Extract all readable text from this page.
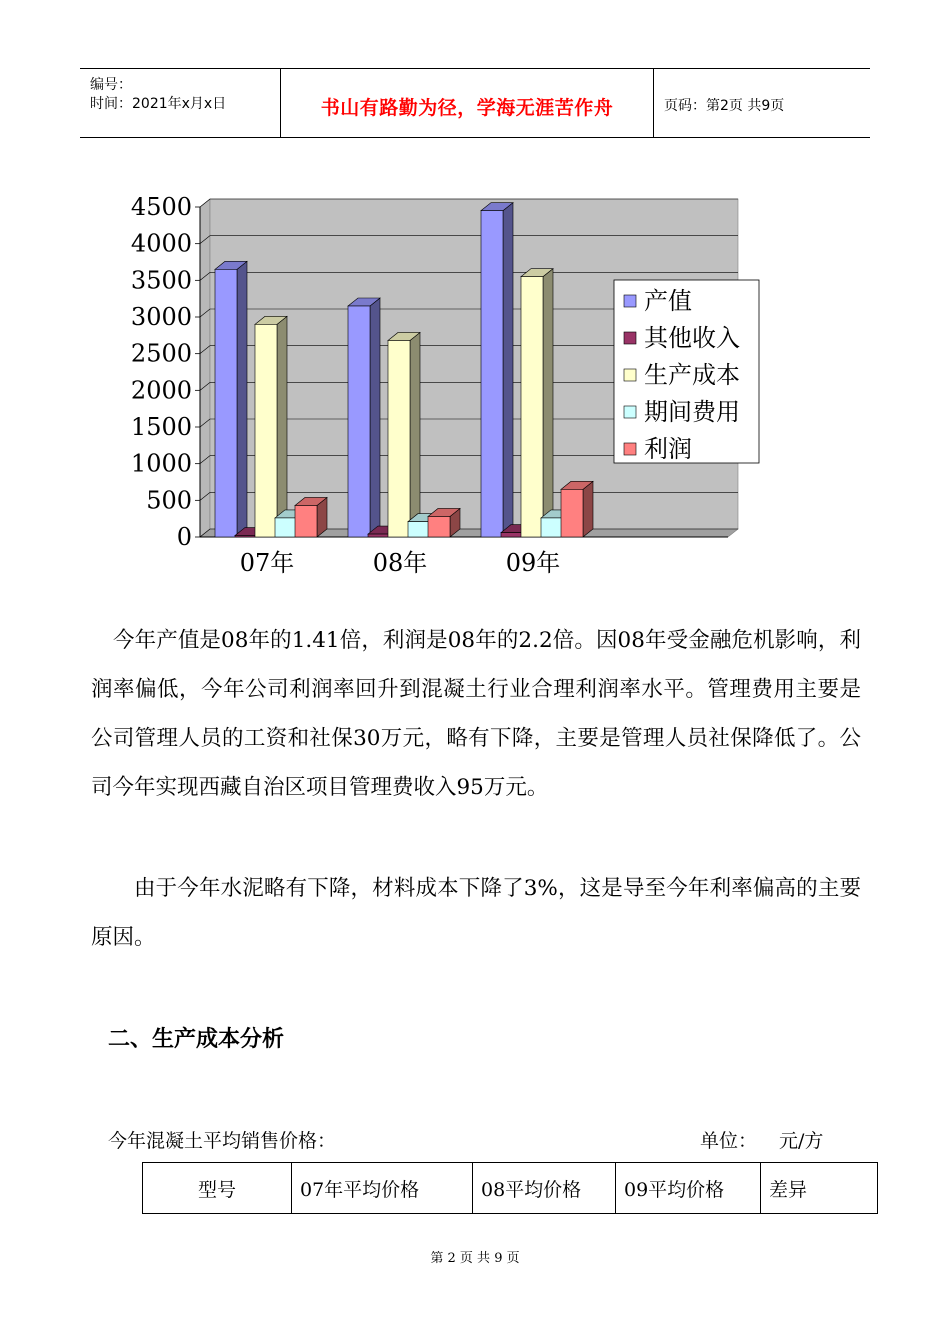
编号：
时间：2021年x月x日	书山有路勤为径，学海无涯苦作舟	页码：第2页 共9页
0
500
1000
1500
2000
2500
3000
3500
4000
4500
07年	08年	09年
产值
其他收入
生产成本
期间费用
利润
今年产值是08年的1.41倍，利润是08年的2.2倍。因08年受金融危机影响，利润率偏低，今年公司利润率回升到混凝土行业合理利润率水平。管理费用主要是公司管理人员的工资和社保30万元，略有下降，主要是管理人员社保降低了。公司今年实现西藏自治区项目管理费收入95万元。
由于今年水泥略有下降，材料成本下降了3%，这是导至今年利率偏高的主要原因。
二、生产成本分析
今年混凝土平均销售价格：	单位： 元/方
型号	07年平均价格	08平均价格	09平均价格	差异
第 2 页 共 9 页
